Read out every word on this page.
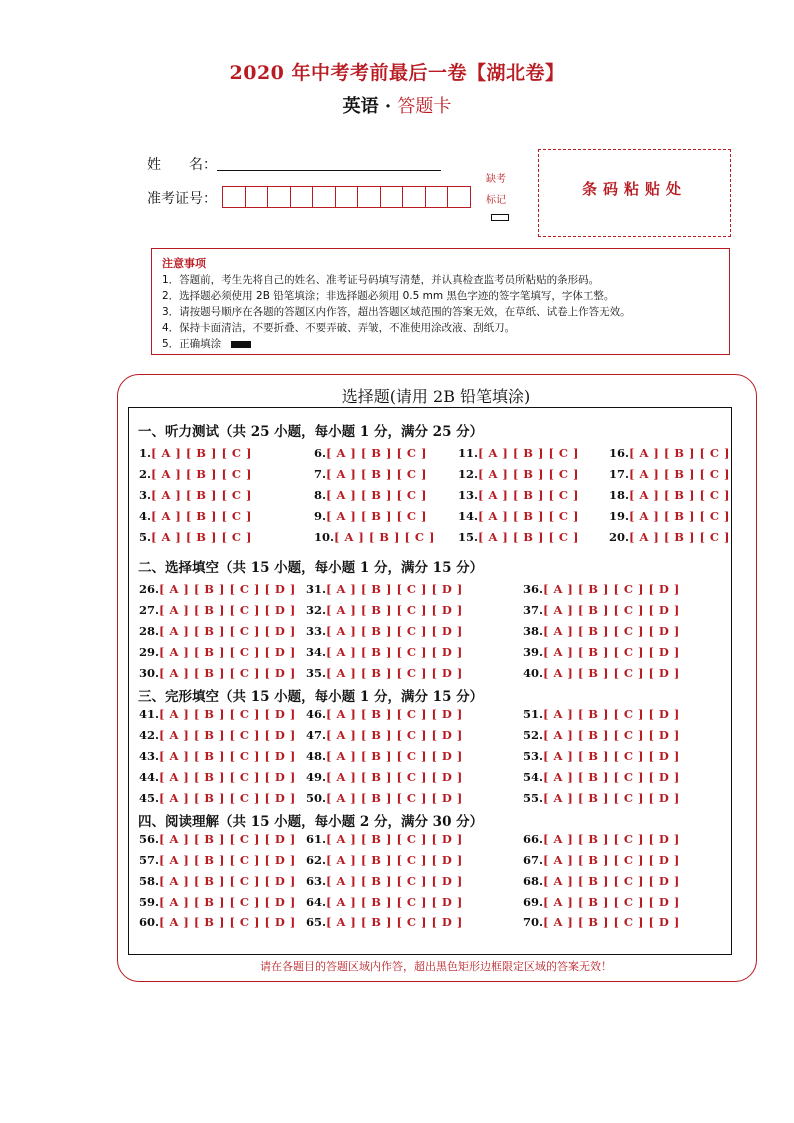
2020 年中考考前最后一卷【湖北卷】
英语 · 答题卡
姓　　名：
准考证号：
缺考
标记
条码粘贴处
注意事项
1．答题前，考生先将自己的姓名、准考证号码填写清楚，并认真检查监考员所粘贴的条形码。
2．选择题必须使用 2B 铅笔填涂；非选择题必须用 0.5 mm 黑色字迹的签字笔填写，字体工整。
3．请按题号顺序在各题的答题区内作答，超出答题区域范围的答案无效，在草纸、试卷上作答无效。
4．保持卡面清洁，不要折叠、不要弄破、弄皱，不准使用涂改液、刮纸刀。
5．正确填涂
选择题(请用 2B 铅笔填涂)
一、听力测试（共 25 小题，每小题 1 分，满分 25 分）
二、选择填空（共 15 小题，每小题 1 分，满分 15 分）
三、完形填空（共 15 小题，每小题 1 分，满分 15 分）
四、阅读理解（共 15 小题，每小题 2 分，满分 30 分）
1.[ A ] [ B ] [ C ]
2.[ A ] [ B ] [ C ]
3.[ A ] [ B ] [ C ]
4.[ A ] [ B ] [ C ]
5.[ A ] [ B ] [ C ]
6.[ A ] [ B ] [ C ]
7.[ A ] [ B ] [ C ]
8.[ A ] [ B ] [ C ]
9.[ A ] [ B ] [ C ]
10.[ A ] [ B ] [ C ]
11.[ A ] [ B ] [ C ]
12.[ A ] [ B ] [ C ]
13.[ A ] [ B ] [ C ]
14.[ A ] [ B ] [ C ]
15.[ A ] [ B ] [ C ]
16.[ A ] [ B ] [ C ]
17.[ A ] [ B ] [ C ]
18.[ A ] [ B ] [ C ]
19.[ A ] [ B ] [ C ]
20.[ A ] [ B ] [ C ]
26.[ A ] [ B ] [ C ] [ D ]
27.[ A ] [ B ] [ C ] [ D ]
28.[ A ] [ B ] [ C ] [ D ]
29.[ A ] [ B ] [ C ] [ D ]
30.[ A ] [ B ] [ C ] [ D ]
31.[ A ] [ B ] [ C ] [ D ]
32.[ A ] [ B ] [ C ] [ D ]
33.[ A ] [ B ] [ C ] [ D ]
34.[ A ] [ B ] [ C ] [ D ]
35.[ A ] [ B ] [ C ] [ D ]
36.[ A ] [ B ] [ C ] [ D ]
37.[ A ] [ B ] [ C ] [ D ]
38.[ A ] [ B ] [ C ] [ D ]
39.[ A ] [ B ] [ C ] [ D ]
40.[ A ] [ B ] [ C ] [ D ]
41.[ A ] [ B ] [ C ] [ D ]
42.[ A ] [ B ] [ C ] [ D ]
43.[ A ] [ B ] [ C ] [ D ]
44.[ A ] [ B ] [ C ] [ D ]
45.[ A ] [ B ] [ C ] [ D ]
46.[ A ] [ B ] [ C ] [ D ]
47.[ A ] [ B ] [ C ] [ D ]
48.[ A ] [ B ] [ C ] [ D ]
49.[ A ] [ B ] [ C ] [ D ]
50.[ A ] [ B ] [ C ] [ D ]
51.[ A ] [ B ] [ C ] [ D ]
52.[ A ] [ B ] [ C ] [ D ]
53.[ A ] [ B ] [ C ] [ D ]
54.[ A ] [ B ] [ C ] [ D ]
55.[ A ] [ B ] [ C ] [ D ]
56.[ A ] [ B ] [ C ] [ D ]
57.[ A ] [ B ] [ C ] [ D ]
58.[ A ] [ B ] [ C ] [ D ]
59.[ A ] [ B ] [ C ] [ D ]
60.[ A ] [ B ] [ C ] [ D ]
61.[ A ] [ B ] [ C ] [ D ]
62.[ A ] [ B ] [ C ] [ D ]
63.[ A ] [ B ] [ C ] [ D ]
64.[ A ] [ B ] [ C ] [ D ]
65.[ A ] [ B ] [ C ] [ D ]
66.[ A ] [ B ] [ C ] [ D ]
67.[ A ] [ B ] [ C ] [ D ]
68.[ A ] [ B ] [ C ] [ D ]
69.[ A ] [ B ] [ C ] [ D ]
70.[ A ] [ B ] [ C ] [ D ]
请在各题目的答题区域内作答，超出黑色矩形边框限定区域的答案无效！
